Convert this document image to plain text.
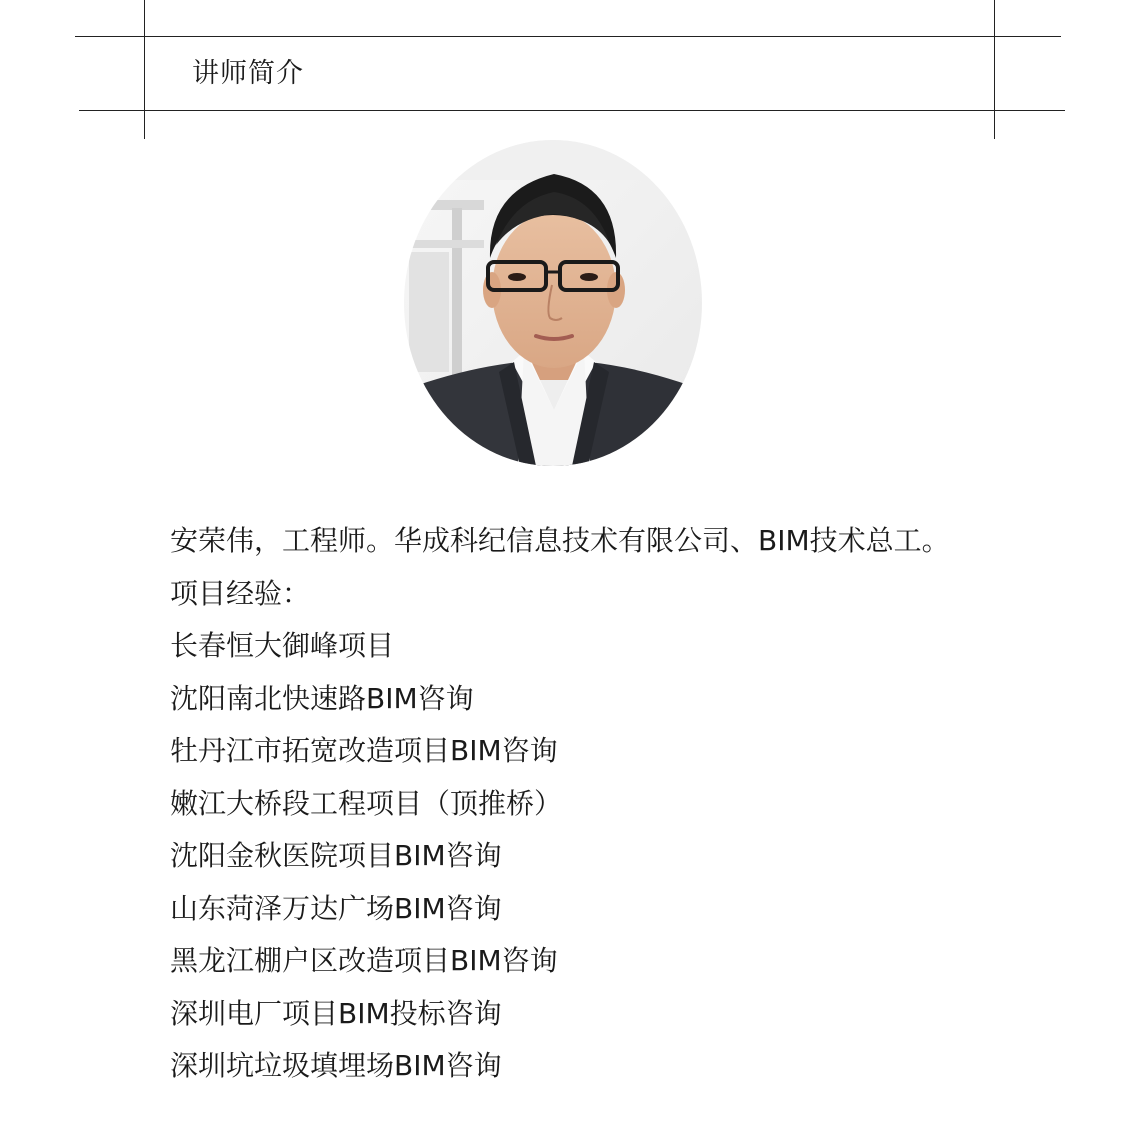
讲师简介
安荣伟，工程师。华成科纪信息技术有限公司、BIM技术总工。
项目经验：
长春恒大御峰项目
沈阳南北快速路BIM咨询
牡丹江市拓宽改造项目BIM咨询
嫩江大桥段工程项目（顶推桥）
沈阳金秋医院项目BIM咨询
山东菏泽万达广场BIM咨询
黑龙江棚户区改造项目BIM咨询
深圳电厂项目BIM投标咨询
深圳坑垃圾填埋场BIM咨询
